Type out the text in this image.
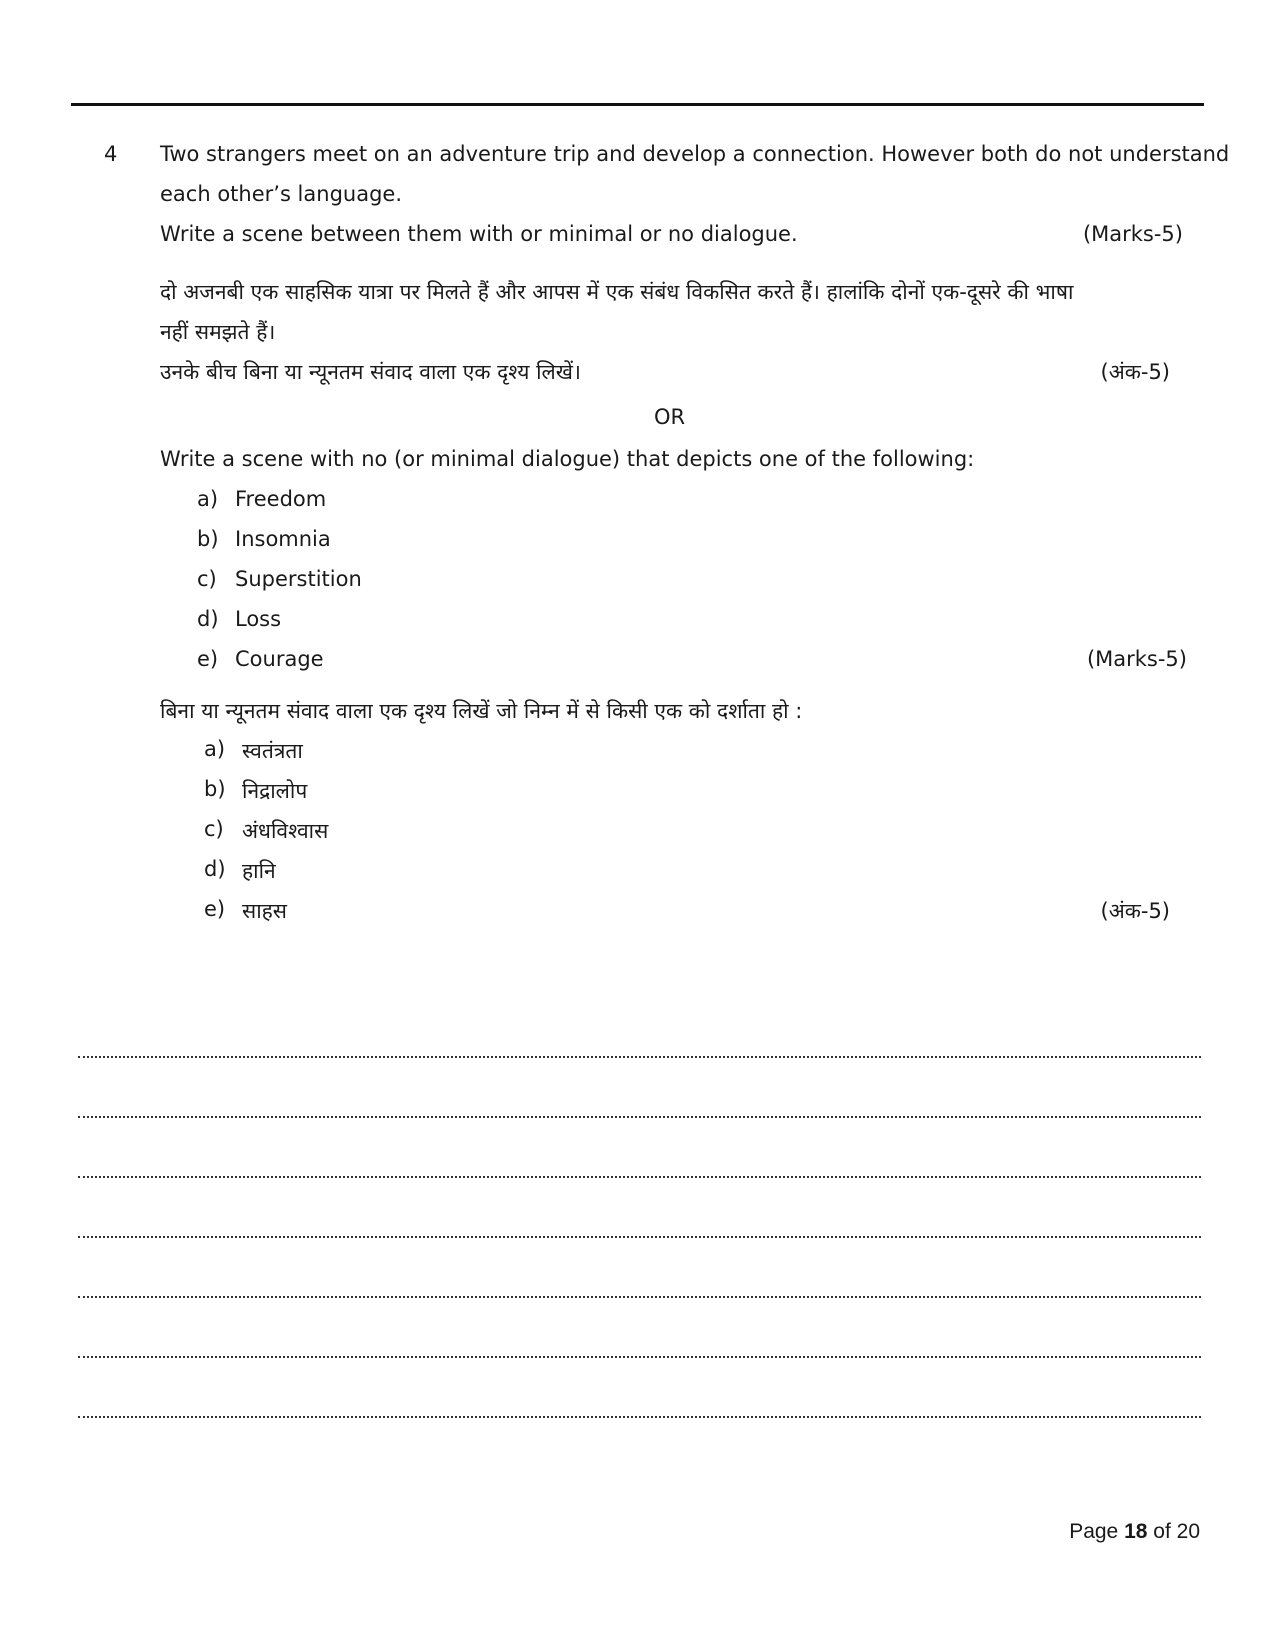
4 Two strangers meet on an adventure trip and develop a connection. However both do not understand
each other’s language.
Write a scene between them with or minimal or no dialogue.	(Marks-5)
दो अजनबी एक साहसिक यात्रा पर मिलते हैं और आपस में एक संबंध विकसित करते हैं। हालांकि दोनों एक-दूसरे की भाषा
नहीं समझते हैं।
उनके बीच बिना या न्यूनतम संवाद वाला एक दृश्य लिखें।	(अंक-5)
OR
Write a scene with no (or minimal dialogue) that depicts one of the following:
a) Freedom
b) Insomnia
c) Superstition
d) Loss
e) Courage	(Marks-5)
बिना या न्यूनतम संवाद वाला एक दृश्य लिखें जो निम्न में से किसी एक को दर्शाता हो :
a) स्वतंत्रता
b) निद्रालोप
c) अंधविश्वास
d) हानि
e) साहस	(अंक-5)
Page 18 of 20
